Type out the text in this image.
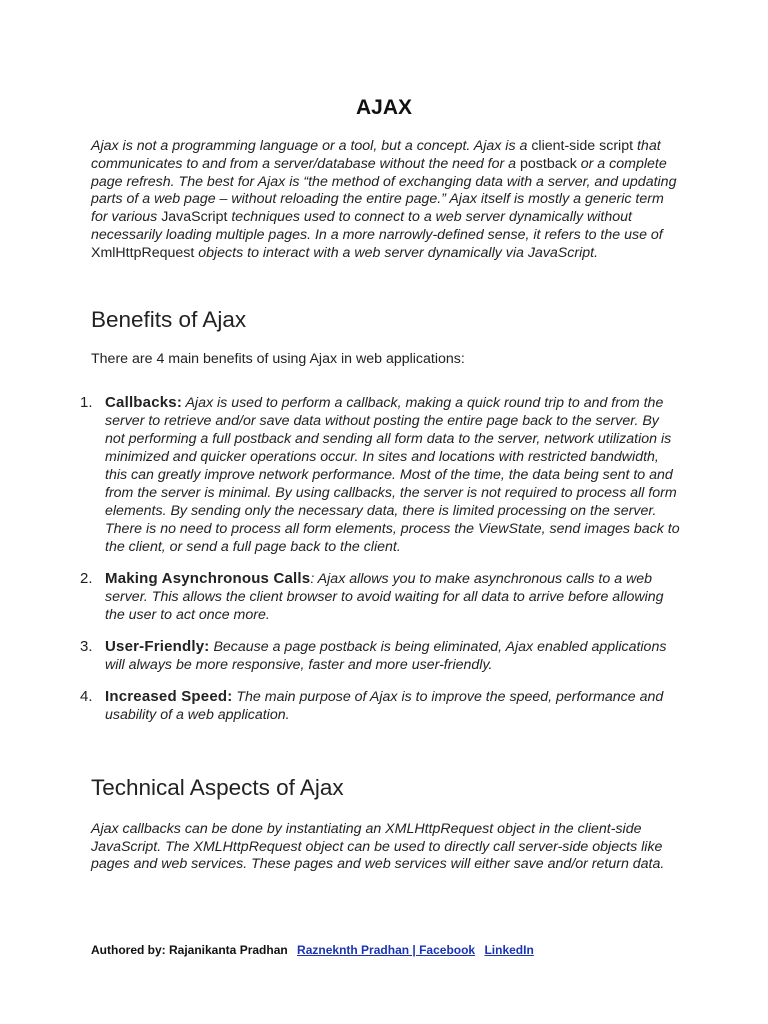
AJAX

Ajax is not a programming language or a tool, but a concept. Ajax is a client-side script that communicates to and from a server/database without the need for a postback or a complete page refresh. The best for Ajax is “the method of exchanging data with a server, and updating parts of a web page – without reloading the entire page.” Ajax itself is mostly a generic term for various JavaScript techniques used to connect to a web server dynamically without necessarily loading multiple pages. In a more narrowly-defined sense, it refers to the use of XmlHttpRequest objects to interact with a web server dynamically via JavaScript.

Benefits of Ajax

There are 4 main benefits of using Ajax in web applications:

1. Callbacks: Ajax is used to perform a callback, making a quick round trip to and from the server to retrieve and/or save data without posting the entire page back to the server. By not performing a full postback and sending all form data to the server, network utilization is minimized and quicker operations occur. In sites and locations with restricted bandwidth, this can greatly improve network performance. Most of the time, the data being sent to and from the server is minimal. By using callbacks, the server is not required to process all form elements. By sending only the necessary data, there is limited processing on the server. There is no need to process all form elements, process the ViewState, send images back to the client, or send a full page back to the client.
2. Making Asynchronous Calls: Ajax allows you to make asynchronous calls to a web server. This allows the client browser to avoid waiting for all data to arrive before allowing the user to act once more.
3. User-Friendly: Because a page postback is being eliminated, Ajax enabled applications will always be more responsive, faster and more user-friendly.
4. Increased Speed: The main purpose of Ajax is to improve the speed, performance and usability of a web application.
Technical Aspects of Ajax

Ajax callbacks can be done by instantiating an XMLHttpRequest object in the client-side JavaScript. The XMLHttpRequest object can be used to directly call server-side objects like pages and web services. These pages and web services will either save and/or return data.

Authored by: Rajanikanta Pradhan Razneknth Pradhan | Facebook LinkedIn
